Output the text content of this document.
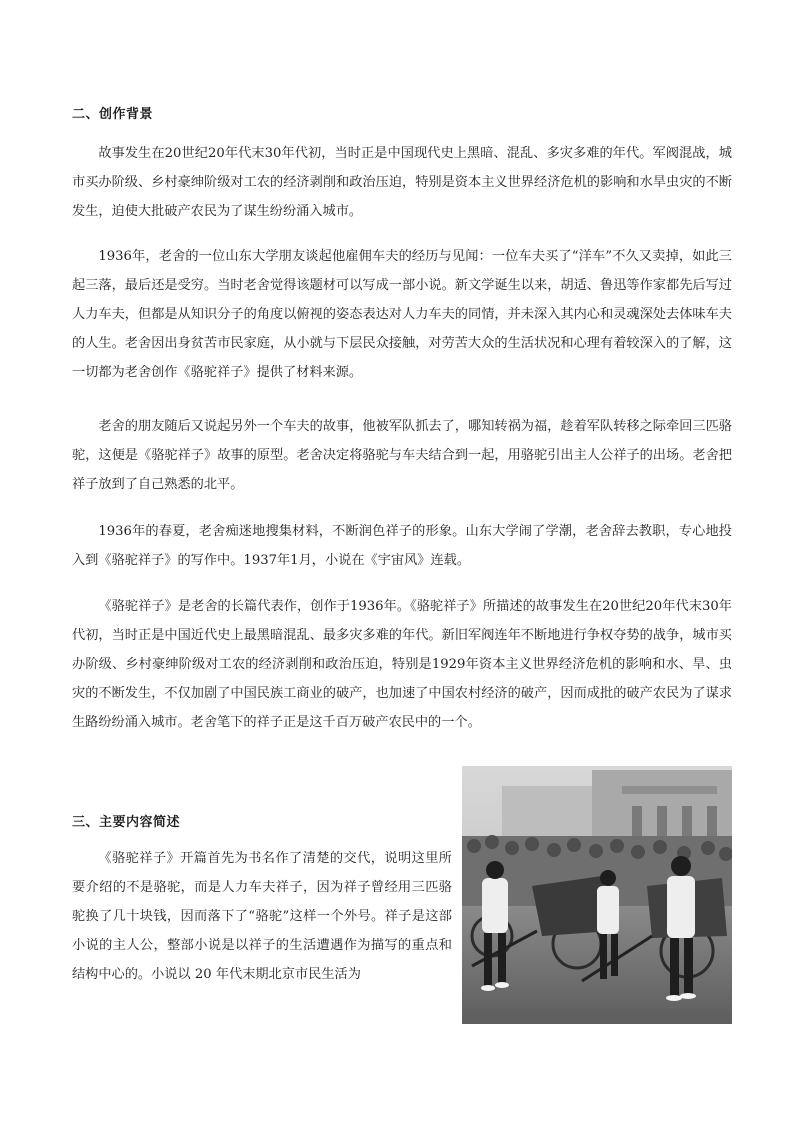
二、创作背景

故事发生在20世纪20年代末30年代初，当时正是中国现代史上黑暗、混乱、多灾多难的年代。军阀混战，城市买办阶级、乡村豪绅阶级对工农的经济剥削和政治压迫，特别是资本主义世界经济危机的影响和水旱虫灾的不断发生，迫使大批破产农民为了谋生纷纷涌入城市。

1936年，老舍的一位山东大学朋友谈起他雇佣车夫的经历与见闻：一位车夫买了“洋车”不久又卖掉，如此三起三落，最后还是受穷。当时老舍觉得该题材可以写成一部小说。新文学诞生以来，胡适、鲁迅等作家都先后写过人力车夫，但都是从知识分子的角度以俯视的姿态表达对人力车夫的同情，并未深入其内心和灵魂深处去体味车夫的人生。老舍因出身贫苦市民家庭，从小就与下层民众接触，对劳苦大众的生活状况和心理有着较深入的了解，这一切都为老舍创作《骆驼祥子》提供了材料来源。

老舍的朋友随后又说起另外一个车夫的故事，他被军队抓去了，哪知转祸为福，趁着军队转移之际牵回三匹骆驼，这便是《骆驼祥子》故事的原型。老舍决定将骆驼与车夫结合到一起，用骆驼引出主人公祥子的出场。老舍把祥子放到了自己熟悉的北平。

1936年的春夏，老舍痴迷地搜集材料，不断润色祥子的形象。山东大学闹了学潮，老舍辞去教职，专心地投入到《骆驼祥子》的写作中。1937年1月，小说在《宇宙风》连载。

《骆驼祥子》是老舍的长篇代表作，创作于1936年。《骆驼祥子》所描述的故事发生在20世纪20年代末30年代初，当时正是中国近代史上最黑暗混乱、最多灾多难的年代。新旧军阀连年不断地进行争权夺势的战争，城市买办阶级、乡村豪绅阶级对工农的经济剥削和政治压迫，特别是1929年资本主义世界经济危机的影响和水、旱、虫灾的不断发生，不仅加剧了中国民族工商业的破产，也加速了中国农村经济的破产，因而成批的破产农民为了谋求生路纷纷涌入城市。老舍笔下的祥子正是这千百万破产农民中的一个。

三、主要内容简述

《骆驼祥子》开篇首先为书名作了清楚的交代，说明这里所要介绍的不是骆驼，而是人力车夫祥子，因为祥子曾经用三匹骆驼换了几十块钱，因而落下了“骆驼”这样一个外号。祥子是这部小说的主人公，整部小说是以祥子的生活遭遇作为描写的重点和结构中心的。小说以 20 年代末期北京市民生活为
